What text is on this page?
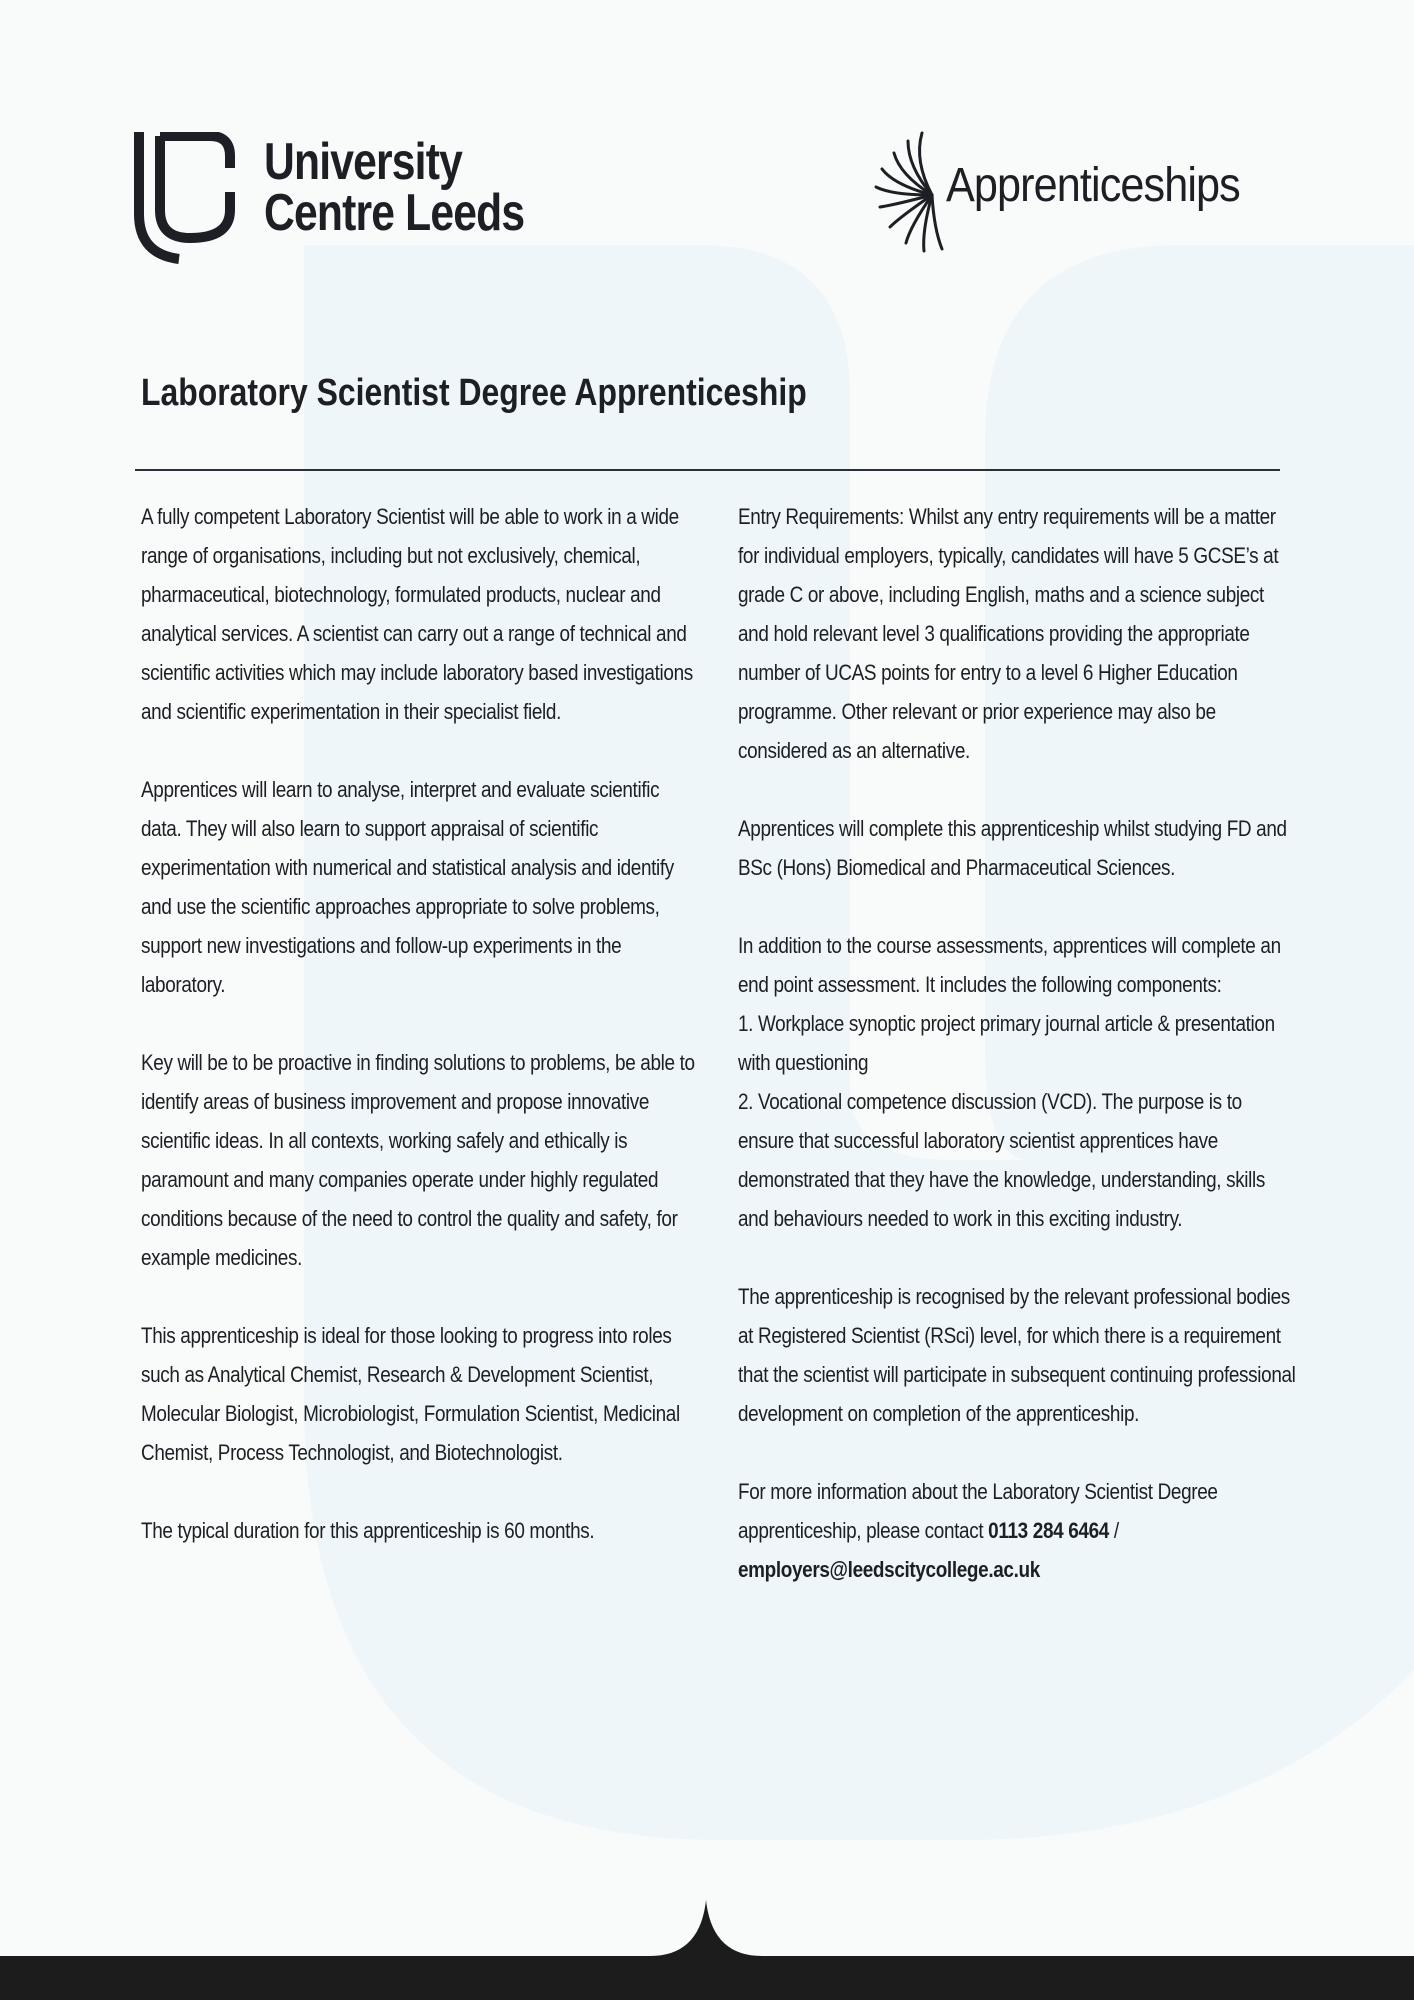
University
Centre Leeds	Apprenticeships
Laboratory Scientist Degree Apprenticeship

A fully competent Laboratory Scientist will be able to work in a wide range of organisations, including but not exclusively, chemical, pharmaceutical, biotechnology, formulated products, nuclear and analytical services. A scientist can carry out a range of technical and scientific activities which may include laboratory based investigations and scientific experimentation in their specialist field.

Apprentices will learn to analyse, interpret and evaluate scientific data. They will also learn to support appraisal of scientific experimentation with numerical and statistical analysis and identify and use the scientific approaches appropriate to solve problems, support new investigations and follow-up experiments in the laboratory.

Key will be to be proactive in finding solutions to problems, be able to identify areas of business improvement and propose innovative scientific ideas. In all contexts, working safely and ethically is paramount and many companies operate under highly regulated conditions because of the need to control the quality and safety, for example medicines.

This apprenticeship is ideal for those looking to progress into roles such as Analytical Chemist, Research & Development Scientist, Molecular Biologist, Microbiologist, Formulation Scientist, Medicinal Chemist, Process Technologist, and Biotechnologist.

The typical duration for this apprenticeship is 60 months.

Entry Requirements: Whilst any entry requirements will be a matter for individual employers, typically, candidates will have 5 GCSE’s at grade C or above, including English, maths and a science subject and hold relevant level 3 qualifications providing the appropriate number of UCAS points for entry to a level 6 Higher Education programme. Other relevant or prior experience may also be considered as an alternative.

Apprentices will complete this apprenticeship whilst studying FD and BSc (Hons) Biomedical and Pharmaceutical Sciences.

In addition to the course assessments, apprentices will complete an end point assessment. It includes the following components:
1. Workplace synoptic project primary journal article & presentation with questioning
2. Vocational competence discussion (VCD). The purpose is to ensure that successful laboratory scientist apprentices have demonstrated that they have the knowledge, understanding, skills and behaviours needed to work in this exciting industry.

The apprenticeship is recognised by the relevant professional bodies at Registered Scientist (RSci) level, for which there is a requirement that the scientist will participate in subsequent continuing professional development on completion of the apprenticeship.

For more information about the Laboratory Scientist Degree apprenticeship, please contact 0113 284 6464 / employers@leedscitycollege.ac.uk
